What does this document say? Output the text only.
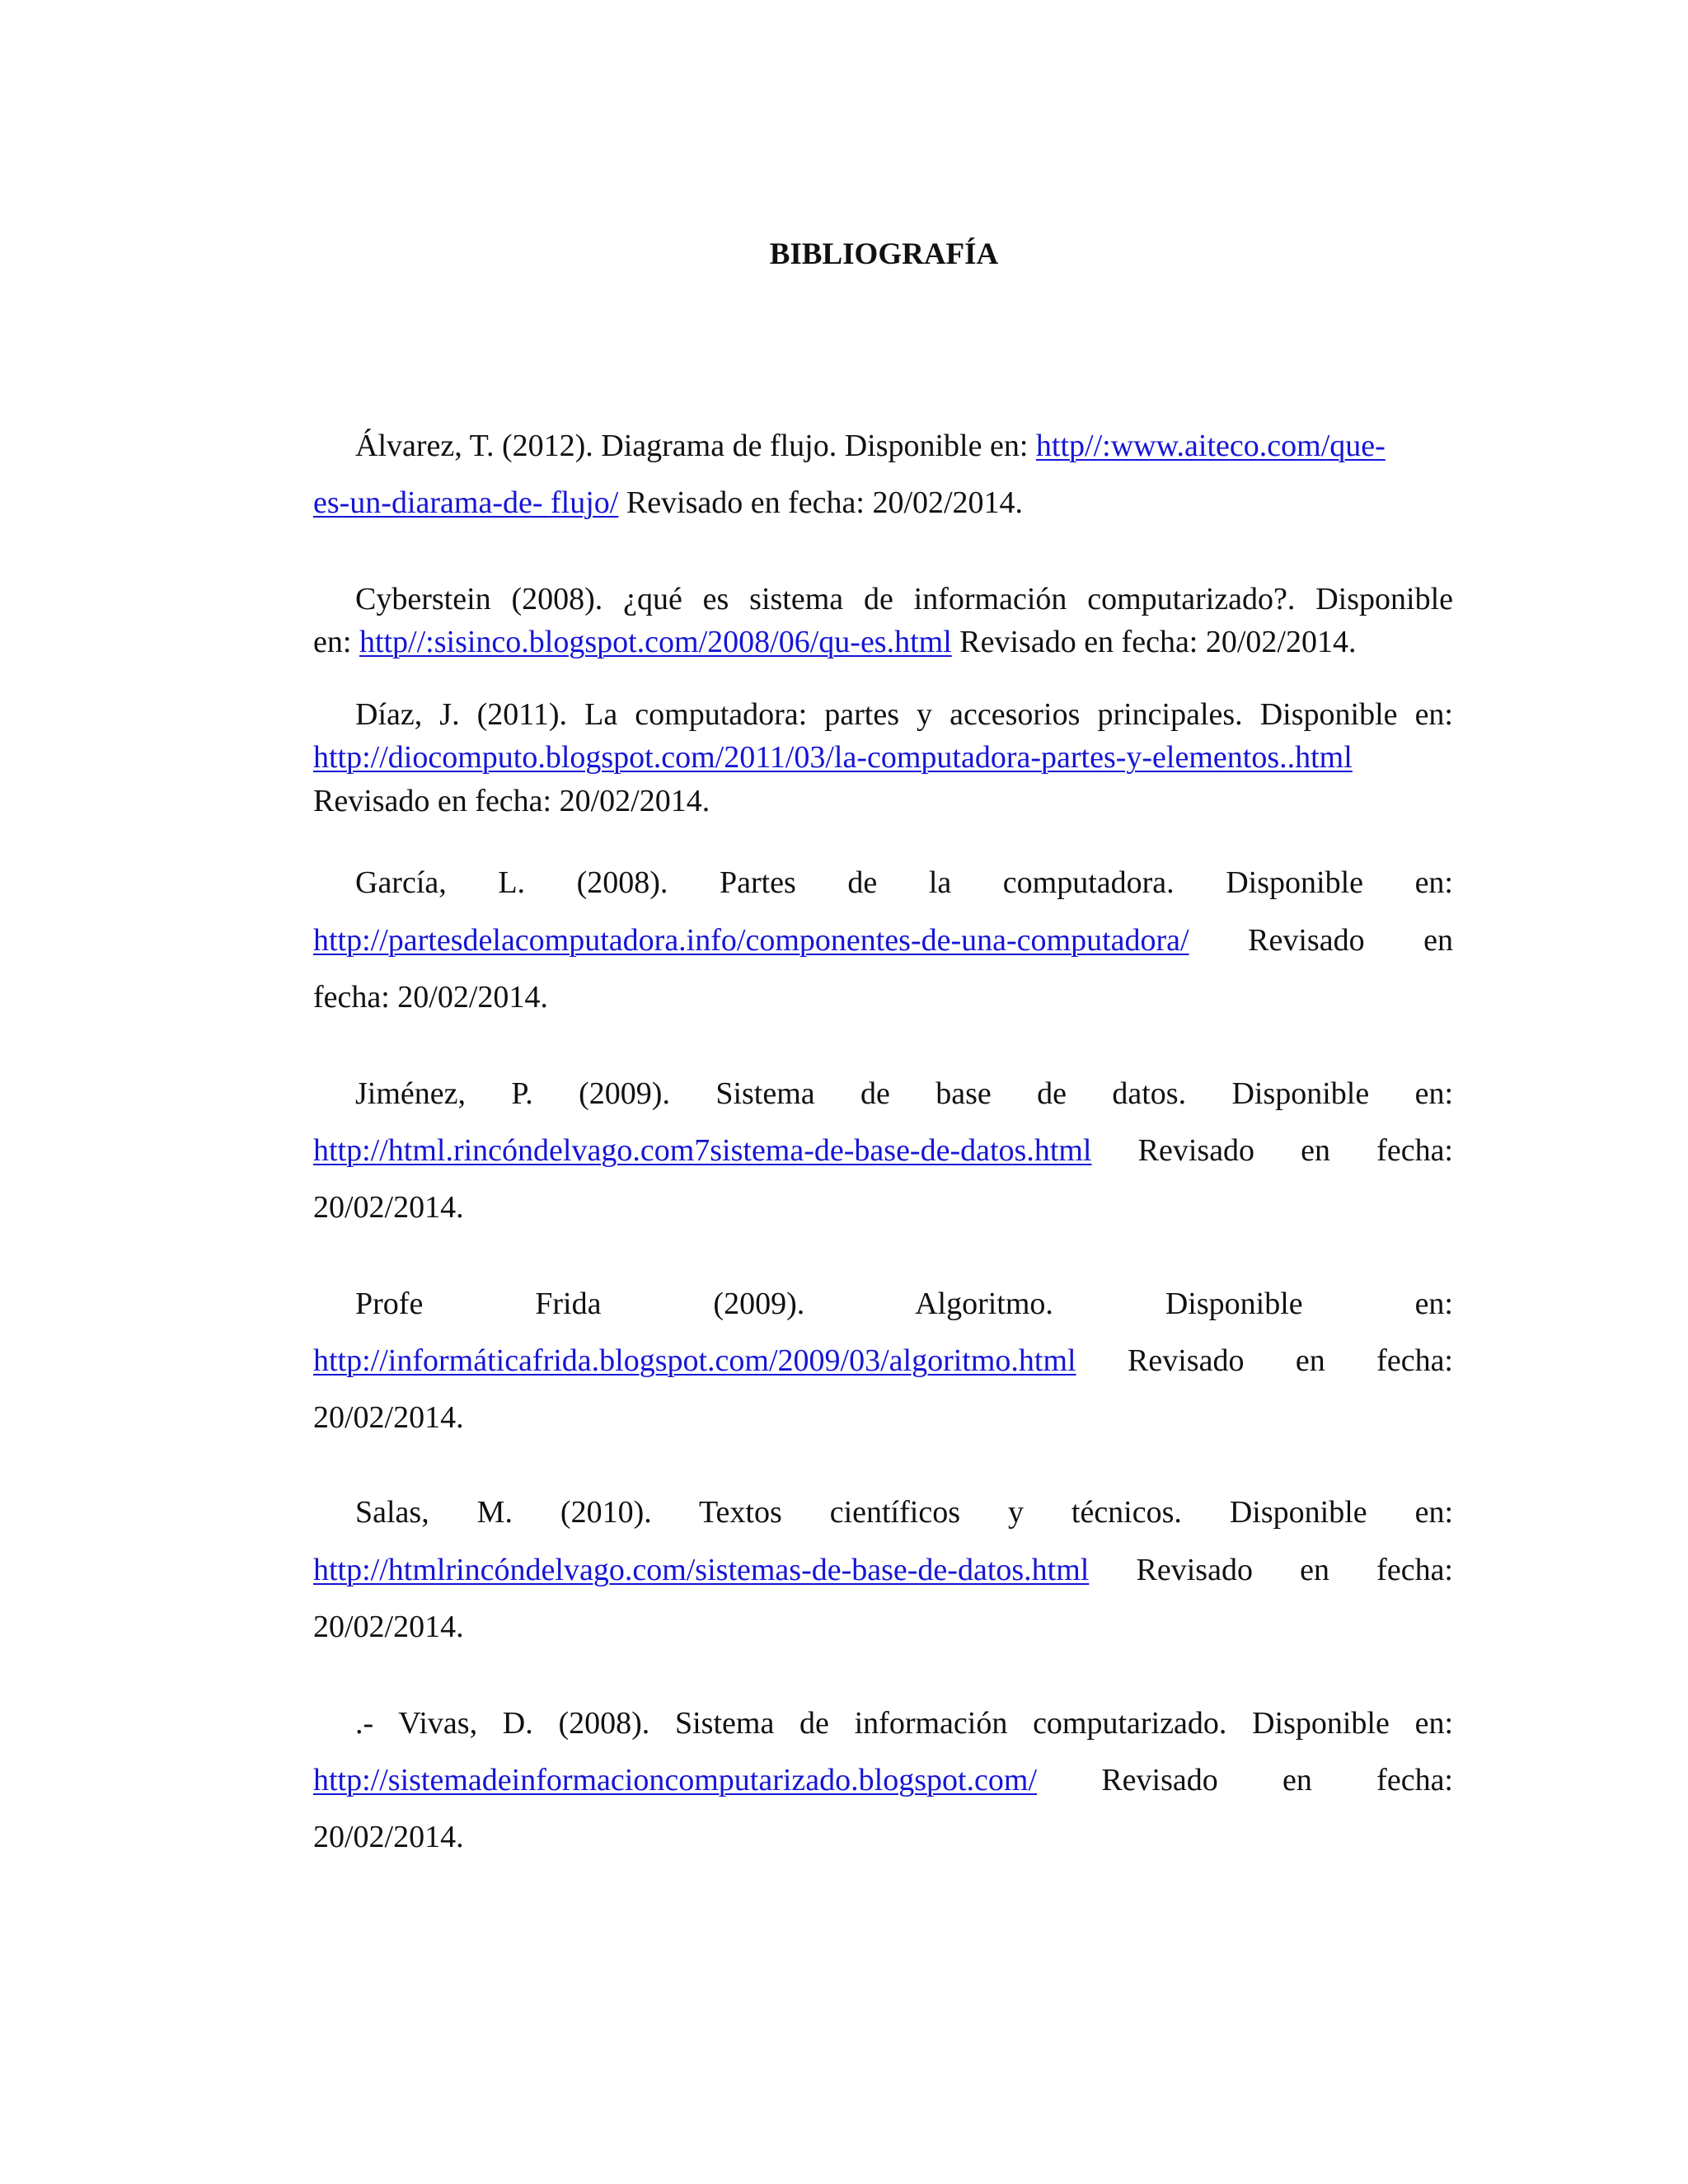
BIBLIOGRAFÍA
Álvarez, T. (2012). Diagrama de flujo. Disponible en: http//:www.aiteco.com/que-
es-un-diarama-de- flujo/ Revisado en fecha: 20/02/2014.
Cyberstein (2008). ¿qué es sistema de información computarizado?. Disponible
en: http//:sisinco.blogspot.com/2008/06/qu-es.html Revisado en fecha: 20/02/2014.
Díaz, J. (2011). La computadora: partes y accesorios principales. Disponible en:
http://diocomputo.blogspot.com/2011/03/la-computadora-partes-y-elementos..html
Revisado en fecha: 20/02/2014.
García, L. (2008). Partes de la computadora. Disponible en:
http://partesdelacomputadora.info/componentes-de-una-computadora/ Revisado en
fecha: 20/02/2014.
Jiménez, P. (2009). Sistema de base de datos. Disponible en:
http://html.rincóndelvago.com7sistema-de-base-de-datos.html Revisado en fecha:
20/02/2014.
Profe Frida (2009). Algoritmo. Disponible en:
http://informáticafrida.blogspot.com/2009/03/algoritmo.html Revisado en fecha:
20/02/2014.
Salas, M. (2010). Textos científicos y técnicos. Disponible en:
http://htmlrincóndelvago.com/sistemas-de-base-de-datos.html Revisado en fecha:
20/02/2014.
.- Vivas, D. (2008). Sistema de información computarizado. Disponible en:
http://sistemadeinformacioncomputarizado.blogspot.com/ Revisado en fecha:
20/02/2014.
